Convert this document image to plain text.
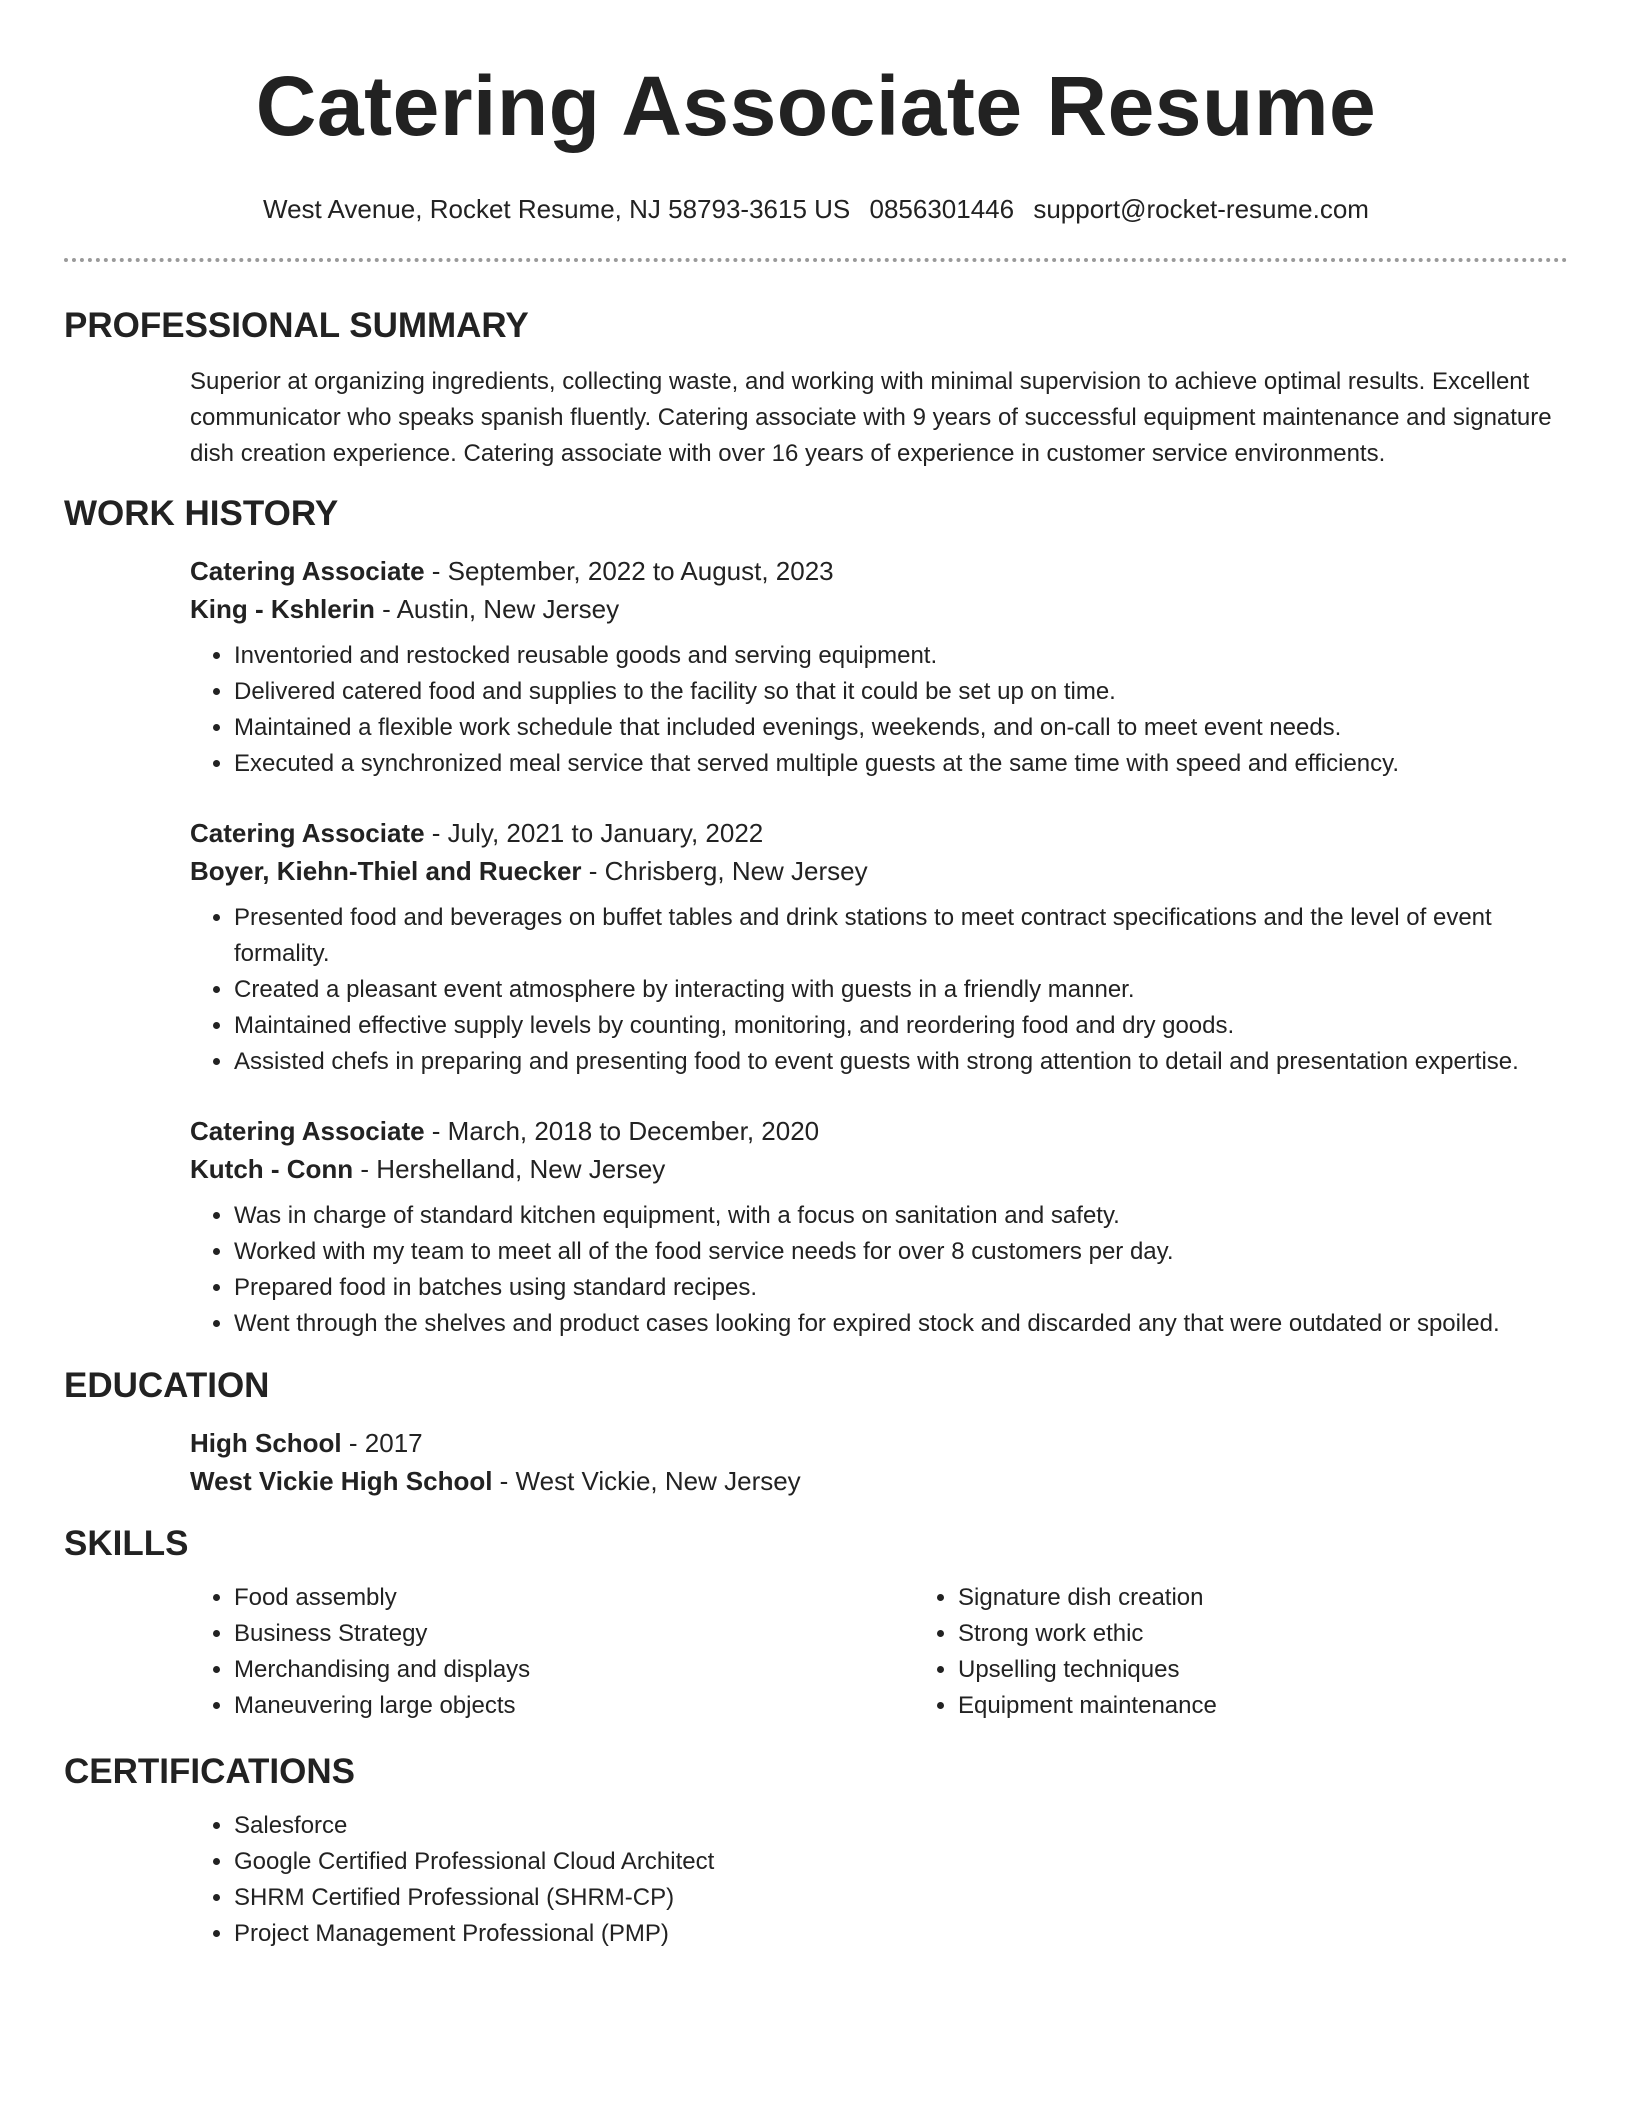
Catering Associate Resume
West Avenue, Rocket Resume, NJ 58793-3615 US 0856301446 support@rocket-resume.com
PROFESSIONAL SUMMARY

Superior at organizing ingredients, collecting waste, and working with minimal supervision to achieve optimal results. Excellent communicator who speaks spanish fluently. Catering associate with 9 years of successful equipment maintenance and signature dish creation experience. Catering associate with over 16 years of experience in customer service environments.

WORK HISTORY
Catering Associate - September, 2022 to August, 2023
King - Kshlerin - Austin, New Jersey
• Inventoried and restocked reusable goods and serving equipment.
• Delivered catered food and supplies to the facility so that it could be set up on time.
• Maintained a flexible work schedule that included evenings, weekends, and on-call to meet event needs.
• Executed a synchronized meal service that served multiple guests at the same time with speed and efficiency.
Catering Associate - July, 2021 to January, 2022
Boyer, Kiehn-Thiel and Ruecker - Chrisberg, New Jersey
• Presented food and beverages on buffet tables and drink stations to meet contract specifications and the level of event formality.
• Created a pleasant event atmosphere by interacting with guests in a friendly manner.
• Maintained effective supply levels by counting, monitoring, and reordering food and dry goods.
• Assisted chefs in preparing and presenting food to event guests with strong attention to detail and presentation expertise.
Catering Associate - March, 2018 to December, 2020
Kutch - Conn - Hershelland, New Jersey
• Was in charge of standard kitchen equipment, with a focus on sanitation and safety.
• Worked with my team to meet all of the food service needs for over 8 customers per day.
• Prepared food in batches using standard recipes.
• Went through the shelves and product cases looking for expired stock and discarded any that were outdated or spoiled.
EDUCATION
High School - 2017
West Vickie High School - West Vickie, New Jersey
SKILLS
• Food assembly
• Business Strategy
• Merchandising and displays
• Maneuvering large objects
• Signature dish creation
• Strong work ethic
• Upselling techniques
• Equipment maintenance
CERTIFICATIONS
• Salesforce
• Google Certified Professional Cloud Architect
• SHRM Certified Professional (SHRM-CP)
• Project Management Professional (PMP)
